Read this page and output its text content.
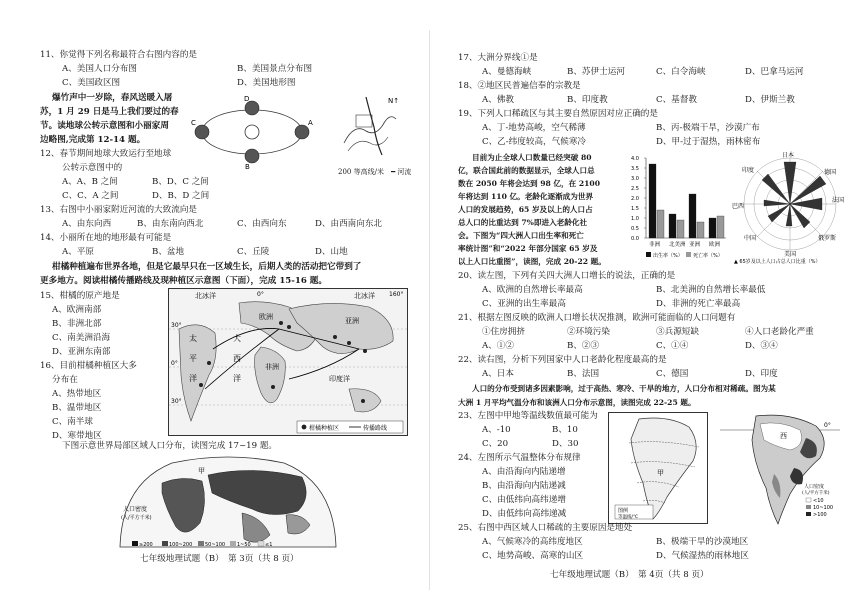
11、你觉得下列名称最符合右图内容的是
A、美国人口分布图	B、美国景点分布图
C、美国政区图	D、美国地形图
爆竹声中一岁除，春风送暖入屠
苏，1 月 29 日是马上我们要过的春
节。读地球公转示意图和小丽家周
边略图,完成第 12-14 题。
D
B
C	A
N↑
200 等高线/米　━ 河流
12、春节期间地球大致运行至地球
公转示意图中的
A、A、B 之间	B、D、C 之间
C、C、A 之间	D、B、D 之间
13、右图中小丽家附近河流的大致流向是
A、由东向西	B、由东南向西北	C、由西向东	D、由西南向东北
14、小丽所在地的地形最有可能是
A、平原	B、盆地	C、丘陵	D、山地
柑橘种植遍布世界各地，但是它最早只在一区域生长，后期人类的活动把它带到了
更多地方。阅读柑橘传播路线及现种植区示意图（下面），完成 15-16 题。
15、柑橘的原产地是
A、欧洲南部
B、非洲北部
C、南美洲沿海
D、亚洲东南部
16、目前柑橘种植区大多
分布在
A、热带地区
B、温带地区
C、南半球
D、寒带地区
北冰洋	北冰洋
0°	160°
30°
0°
30°
欧洲	亚洲
非洲
印度洋
太
平
洋
大
西
洋
柑橘种植区	传播路线
下图示意世界局部区域人口分布，读图完成 17~19 题。
甲
人口密度
(人/平方千米)
≥200	100~200	50~100 1~50	≤1
七年级地理试题（B）　第 3页（共 8 页）
17、大洲分界线①是
A、曼德海峡	B、苏伊士运河	C、白令海峡	D、巴拿马运河
18、②地区民普遍信奉的宗教是
A、佛教	B、印度教	C、基督教	D、伊斯兰教
19、下列人口稀疏区与其主要自然原因对应正确的是
A、丁-地势高峻，空气稀薄	B、丙-极端干旱，沙漠广布
C、乙-纬度较高，气候寒冷	D、甲-过于湿热，雨林密布
目前为止全球人口数量已经突破 80
亿，联合国此前的数据显示，全球人口总
数在 2050 年将会达到 98 亿，在 2100
年将达到 110 亿。老龄化逐渐成为世界
人口的发展趋势，65 岁及以上的人口占
总人口的比重达到 7%即进入老龄化社
会。下图为“四大洲人口出生率和死亡
率统计图”和“2022 年部分国家 65 岁及
以上人口比重图”，读图，完成 20-22 题。
0.0
0.5
1.0
1.5
2.0
2.5
3.0
3.5
4.0
非洲 北美洲 亚洲 欧洲
出生率（%） 死亡率（%）
日本
德国
法国
俄罗斯
美国
中国
巴西
印度
▲ 65岁及以上人口占总人口比重（%）
20、读左图，下列有关四大洲人口增长的说法，正确的是
A、欧洲的自然增长率最高	B、北美洲的自然增长率最低
C、亚洲的出生率最高	D、非洲的死亡率最高
21、根据左图反映的欧洲人口增长状况推测，欧洲可能面临的人口问题有
①住房拥挤	②环境污染	③兵源短缺	④人口老龄化严重
A、①②	B、②③	C、①④	D、③④
22、读右图，分析下列国家中人口老龄化程度最高的是
A、日本	B、法国	C、德国	D、印度
人口的分布受到诸多因素影响，过于高热、寒冷、干旱的地方，人口分布相对稀疏。图为某
大洲 1 月平均气温分布和该洲人口分布示意图，读图完成 22-25 题。
23、左图中甲地等温线数值最可能为
A、-10	B、10
C、20	D、30
24、左图所示气温整体分布规律
A、由沿海向内陆递增
B、由沿海向内陆递减
C、由低纬向高纬递增
D、由低纬向高纬递减
甲
图例
等温线/℃
0°
西
人口密度
(人/平方千米)
<10
10~100
>100
25、右图中西区域人口稀疏的主要原因是地处
A、气候寒冷的高纬度地区	B、极端干旱的沙漠地区
C、地势高峻、高寒的山区	D、气候湿热的雨林地区
七年级地理试题（B）　第 4页（共 8 页）
